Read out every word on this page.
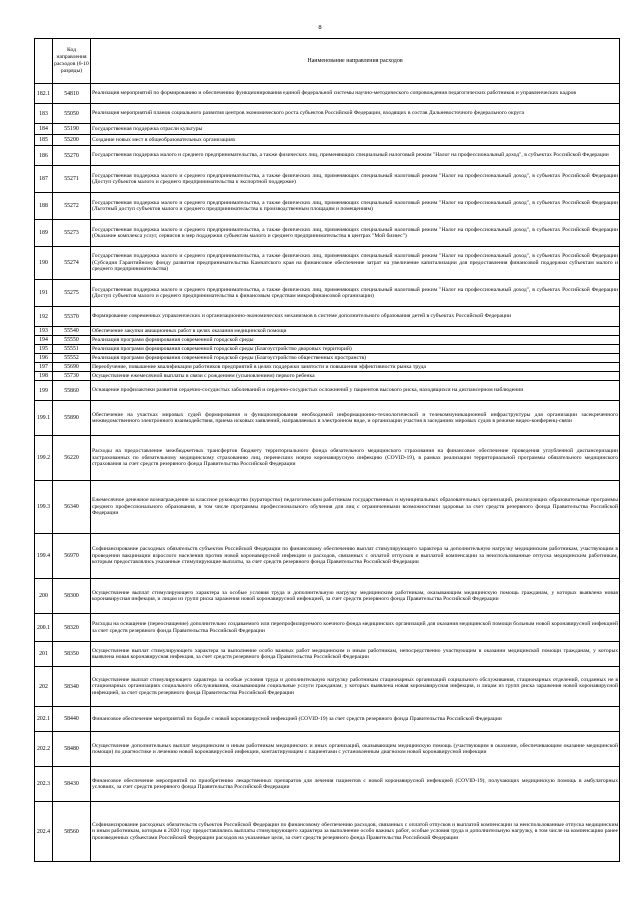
8
	Код направления расходов (6-10 разряды)	Наименование направления расходов
182.1	54810	Реализация мероприятий по формированию и обеспечению функционирования единой федеральной системы научно-методического сопровождения педагогических работников и управленческих кадров
183	55050	Реализация мероприятий планов социального развития центров экономического роста субъектов Российской Федерации, входящих в состав Дальневосточного федерального округа
184	55190	Государственная поддержка отрасли культуры
185	55200	Создание новых мест в общеобразовательных организациях
186	55270	Государственная поддержка малого и среднего предпринимательства, а также физических лиц, применяющих специальный налоговый режим "Налог на профессиональный доход", в субъектах Российской Федерации
187	55271	Государственная поддержка малого и среднего предпринимательства, а также физических лиц, применяющих специальный налоговый режим "Налог на профессиональный доход", в субъектах Российской Федерации (Доступ субъектов малого и среднего предпринимательства к экспортной поддержке)
188	55272	Государственная поддержка малого и среднего предпринимательства, а также физических лиц, применяющих специальный налоговый режим "Налог на профессиональный доход", в субъектах Российской Федерации (Льготный доступ субъектов малого и среднего предпринимательства к производственным площадям и помещениям)
189	55273	Государственная поддержка малого и среднего предпринимательства, а также физических лиц, применяющих специальный налоговый режим "Налог на профессиональный доход", в субъектах Российской Федерации (Оказание комплекса услуг, сервисов и мер поддержки субъектам малого и среднего предпринимательства в центрах "Мой бизнес")
190	55274	Государственная поддержка малого и среднего предпринимательства, а также физических лиц, применяющих специальный налоговый режим "Налог на профессиональный доход", в субъектах Российской Федерации (Субсидия Гарантийному фонду развития предпринимательства Камчатского края на финансовое обеспечение затрат на увеличение капитализации для предоставления финансовой поддержки субъектам малого и среднего предпринимательства)
191	55275	Государственная поддержка малого и среднего предпринимательства, а также физических лиц, применяющих специальный налоговый режим "Налог на профессиональный доход", в субъектах Российской Федерации (Доступ субъектов малого и среднего предпринимательства к финансовым средствам микрофинансовой организации)
192	55370	Формирование современных управленческих и организационно-экономических механизмов в системе дополнительного образования детей в субъектах Российской Федерации
193	55540	Обеспечение закупки авиационных работ в целях оказания медицинской помощи
194	55550	Реализация программ формирования современной городской среды
195	55551	Реализация программ формирования современной городской среды (Благоустройство дворовых территорий)
196	55552	Реализация программ формирования современной городской среды (Благоустройство общественных пространств)
197	55690	Переобучение, повышение квалификации работников предприятий в целях поддержки занятости и повышения эффективности рынка труда
198	55730	Осуществление ежемесячной выплаты в связи с рождением (усыновлением) первого ребенка
199	55860	Оснащение профилактики развития сердечно-сосудистых заболеваний и сердечно-сосудистых осложнений у пациентов высокого риска, находящихся на диспансерном наблюдении
199.1	55890	Обеспечение на участках мировых судей формирования и функционирования необходимой информационно-технологической и телекоммуникационной инфраструктуры для организации засекреченного межведомственного электронного взаимодействия, приема исковых заявлений, направляемых в электронном виде, и организации участия в заседаниях мировых судов в режиме видео-конференц-связи
199.2	56220	Расходы на предоставление межбюджетных трансфертов бюджету территориального фонда обязательного медицинского страхования на финансовое обеспечение проведения углубленной диспансеризации застрахованных по обязательному медицинскому страхованию лиц, перенесших новую коронавирусную инфекцию (COVID-19), в рамках реализации территориальной программы обязательного медицинского страхования за счет средств резервного фонда Правительства Российской Федерации
199.3	56340	Ежемесячное денежное вознаграждение за классное руководство (кураторство) педагогическим работникам государственных и муниципальных образовательных организаций, реализующих образовательные программы среднего профессионального образования, в том числе программы профессионального обучения для лиц с ограниченными возможностями здоровья за счет средств резервного фонда Правительства Российской Федерации
199.4	56970	Софинансирование расходных обязательств субъектов Российской Федерации по финансовому обеспечению выплат стимулирующего характера за дополнительную нагрузку медицинским работникам, участвующим в проведении вакцинации взрослого населения против новой коронавирусной инфекции и расходов, связанных с оплатой отпусков и выплатой компенсации за неиспользованные отпуска медицинским работникам, которым предоставлялись указанные стимулирующие выплаты, за счет средств резервного фонда Правительства Российской Федерации
200	58300	Осуществление выплат стимулирующего характера за особые условия труда и дополнительную нагрузку медицинским работникам, оказывающим медицинскую помощь гражданам, у которых выявлена новая коронавирусная инфекция, и лицам из групп риска заражения новой коронавирусной инфекцией, за счет средств резервного фонда Правительства Российской Федерации
200.1	58320	Расходы на оснащение (переоснащение) дополнительно создаваемого или перепрофилируемого коечного фонда медицинских организаций для оказания медицинской помощи больным новой коронавирусной инфекцией за счет средств резервного фонда Правительства Российской Федерации
201	58350	Осуществление выплат стимулирующего характера за выполнение особо важных работ медицинским и иным работникам, непосредственно участвующим в оказании медицинской помощи гражданам, у которых выявлена новая коронавирусная инфекция, за счет средств резервного фонда Правительства Российской Федерации
202	58340	Осуществление выплат стимулирующего характера за особые условия труда и дополнительную нагрузку работникам стационарных организаций социального обслуживания, стационарных отделений, созданных не в стационарных организациях социального обслуживания, оказывающим социальные услуги гражданам, у которых выявлена новая коронавирусная инфекция, и лицам из групп риска заражения новой коронавирусной инфекцией, за счет средств резервного фонда Правительства Российской Федерации
202.1	58440	Финансовое обеспечение мероприятий по борьбе с новой коронавирусной инфекцией (COVID-19) за счет средств резервного фонда Правительства Российской Федерации
202.2	58480	Осуществление дополнительных выплат медицинским и иным работникам медицинских и иных организаций, оказывающим медицинскую помощь (участвующим в оказании, обеспечивающим оказание медицинской помощи) по диагностике и лечению новой коронавирусной инфекции, контактирующим с пациентами с установленным диагнозом новой коронавирусной инфекции
202.3	58430	Финансовое обеспечение мероприятий по приобретению лекарственных препаратов для лечения пациентов с новой коронавирусной инфекцией (COVID-19), получающих медицинскую помощь в амбулаторных условиях, за счет средств резервного фонда Правительства Российской Федерации
202.4	58560	Софинансирование расходных обязательств субъектов Российской Федерации по финансовому обеспечению расходов, связанных с оплатой отпусков и выплатой компенсации за неиспользованные отпуска медицинским и иным работникам, которым в 2020 году предоставлялись выплаты стимулирующего характера за выполнение особо важных работ, особые условия труда и дополнительную нагрузку, в том числе на компенсацию ранее произведенных субъектами Российской Федерации расходов на указанные цели, за счет средств резервного фонда Правительства Российской Федерации
